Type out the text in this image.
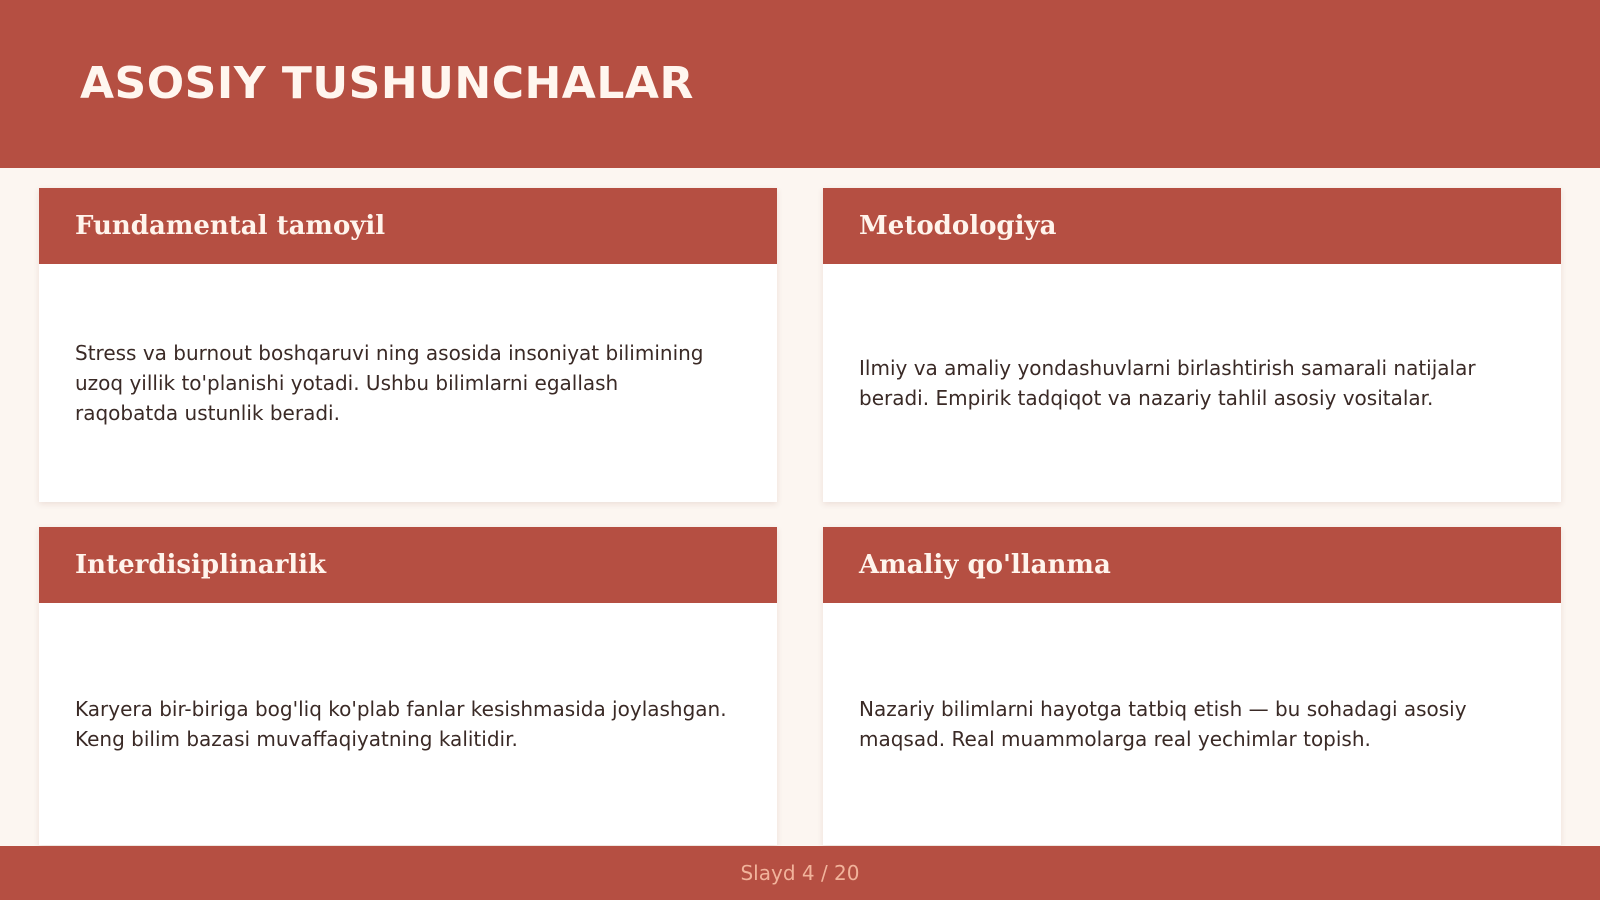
ASOSIY TUSHUNCHALAR
Fundamental tamoyil

Stress va burnout boshqaruvi ning asosida insoniyat bilimining uzoq yillik to'planishi yotadi. Ushbu bilimlarni egallash raqobatda ustunlik beradi.

Metodologiya

Ilmiy va amaliy yondashuvlarni birlashtirish samarali natijalar beradi. Empirik tadqiqot va nazariy tahlil asosiy vositalar.

Interdisiplinarlik

Karyera bir-biriga bog'liq ko'plab fanlar kesishmasida joylashgan. Keng bilim bazasi muvaffaqiyatning kalitidir.

Amaliy qo'llanma

Nazariy bilimlarni hayotga tatbiq etish — bu sohadagi asosiy maqsad. Real muammolarga real yechimlar topish.

Slayd 4 / 20
